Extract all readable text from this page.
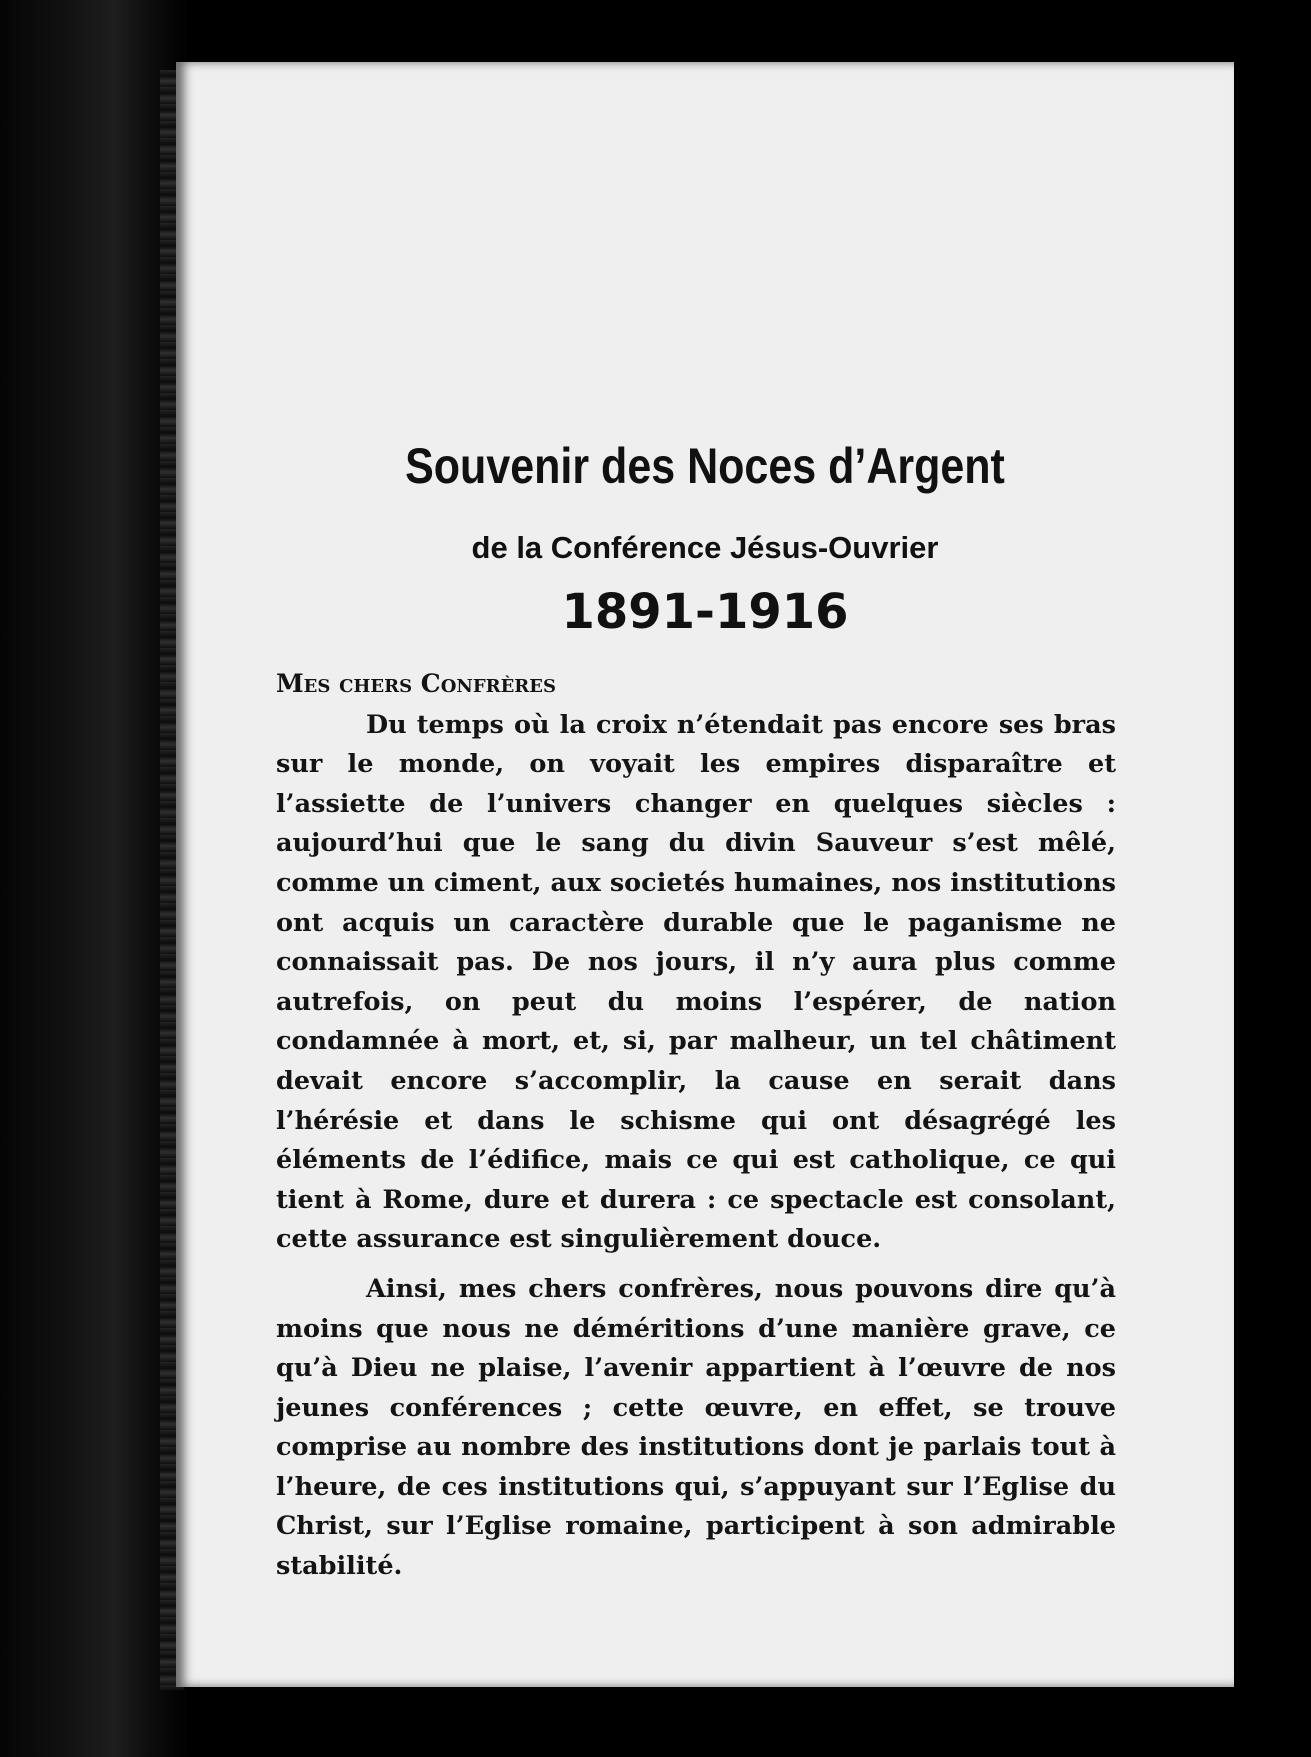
Souvenir des Noces d’Argent
de la Conférence Jésus-Ouvrier
1891-1916

Mes chers Confrères

Du temps où la croix n’étendait pas encore ses bras sur le monde, on voyait les empires disparaître et l’assiette de l’univers changer en quelques siècles : aujourd’hui que le sang du divin Sauveur s’est mêlé, comme un ciment, aux societés humaines, nos institutions ont acquis un caractère durable que le paganisme ne connaissait pas. De nos jours, il n’y aura plus comme autrefois, on peut du moins l’espérer, de nation condamnée à mort, et, si, par malheur, un tel châtiment devait encore s’accomplir, la cause en serait dans l’hérésie et dans le schisme qui ont désagrégé les éléments de l’édifice, mais ce qui est catholique, ce qui tient à Rome, dure et durera : ce spectacle est consolant, cette assurance est singulièrement douce.

Ainsi, mes chers confrères, nous pouvons dire qu’à moins que nous ne déméritions d’une manière grave, ce qu’à Dieu ne plaise, l’avenir appartient à l’œuvre de nos jeunes conférences ; cette œuvre, en effet, se trouve comprise au nombre des institutions dont je parlais tout à l’heure, de ces institutions qui, s’appuyant sur l’Eglise du Christ, sur l’Eglise romaine, participent à son admirable stabilité.
